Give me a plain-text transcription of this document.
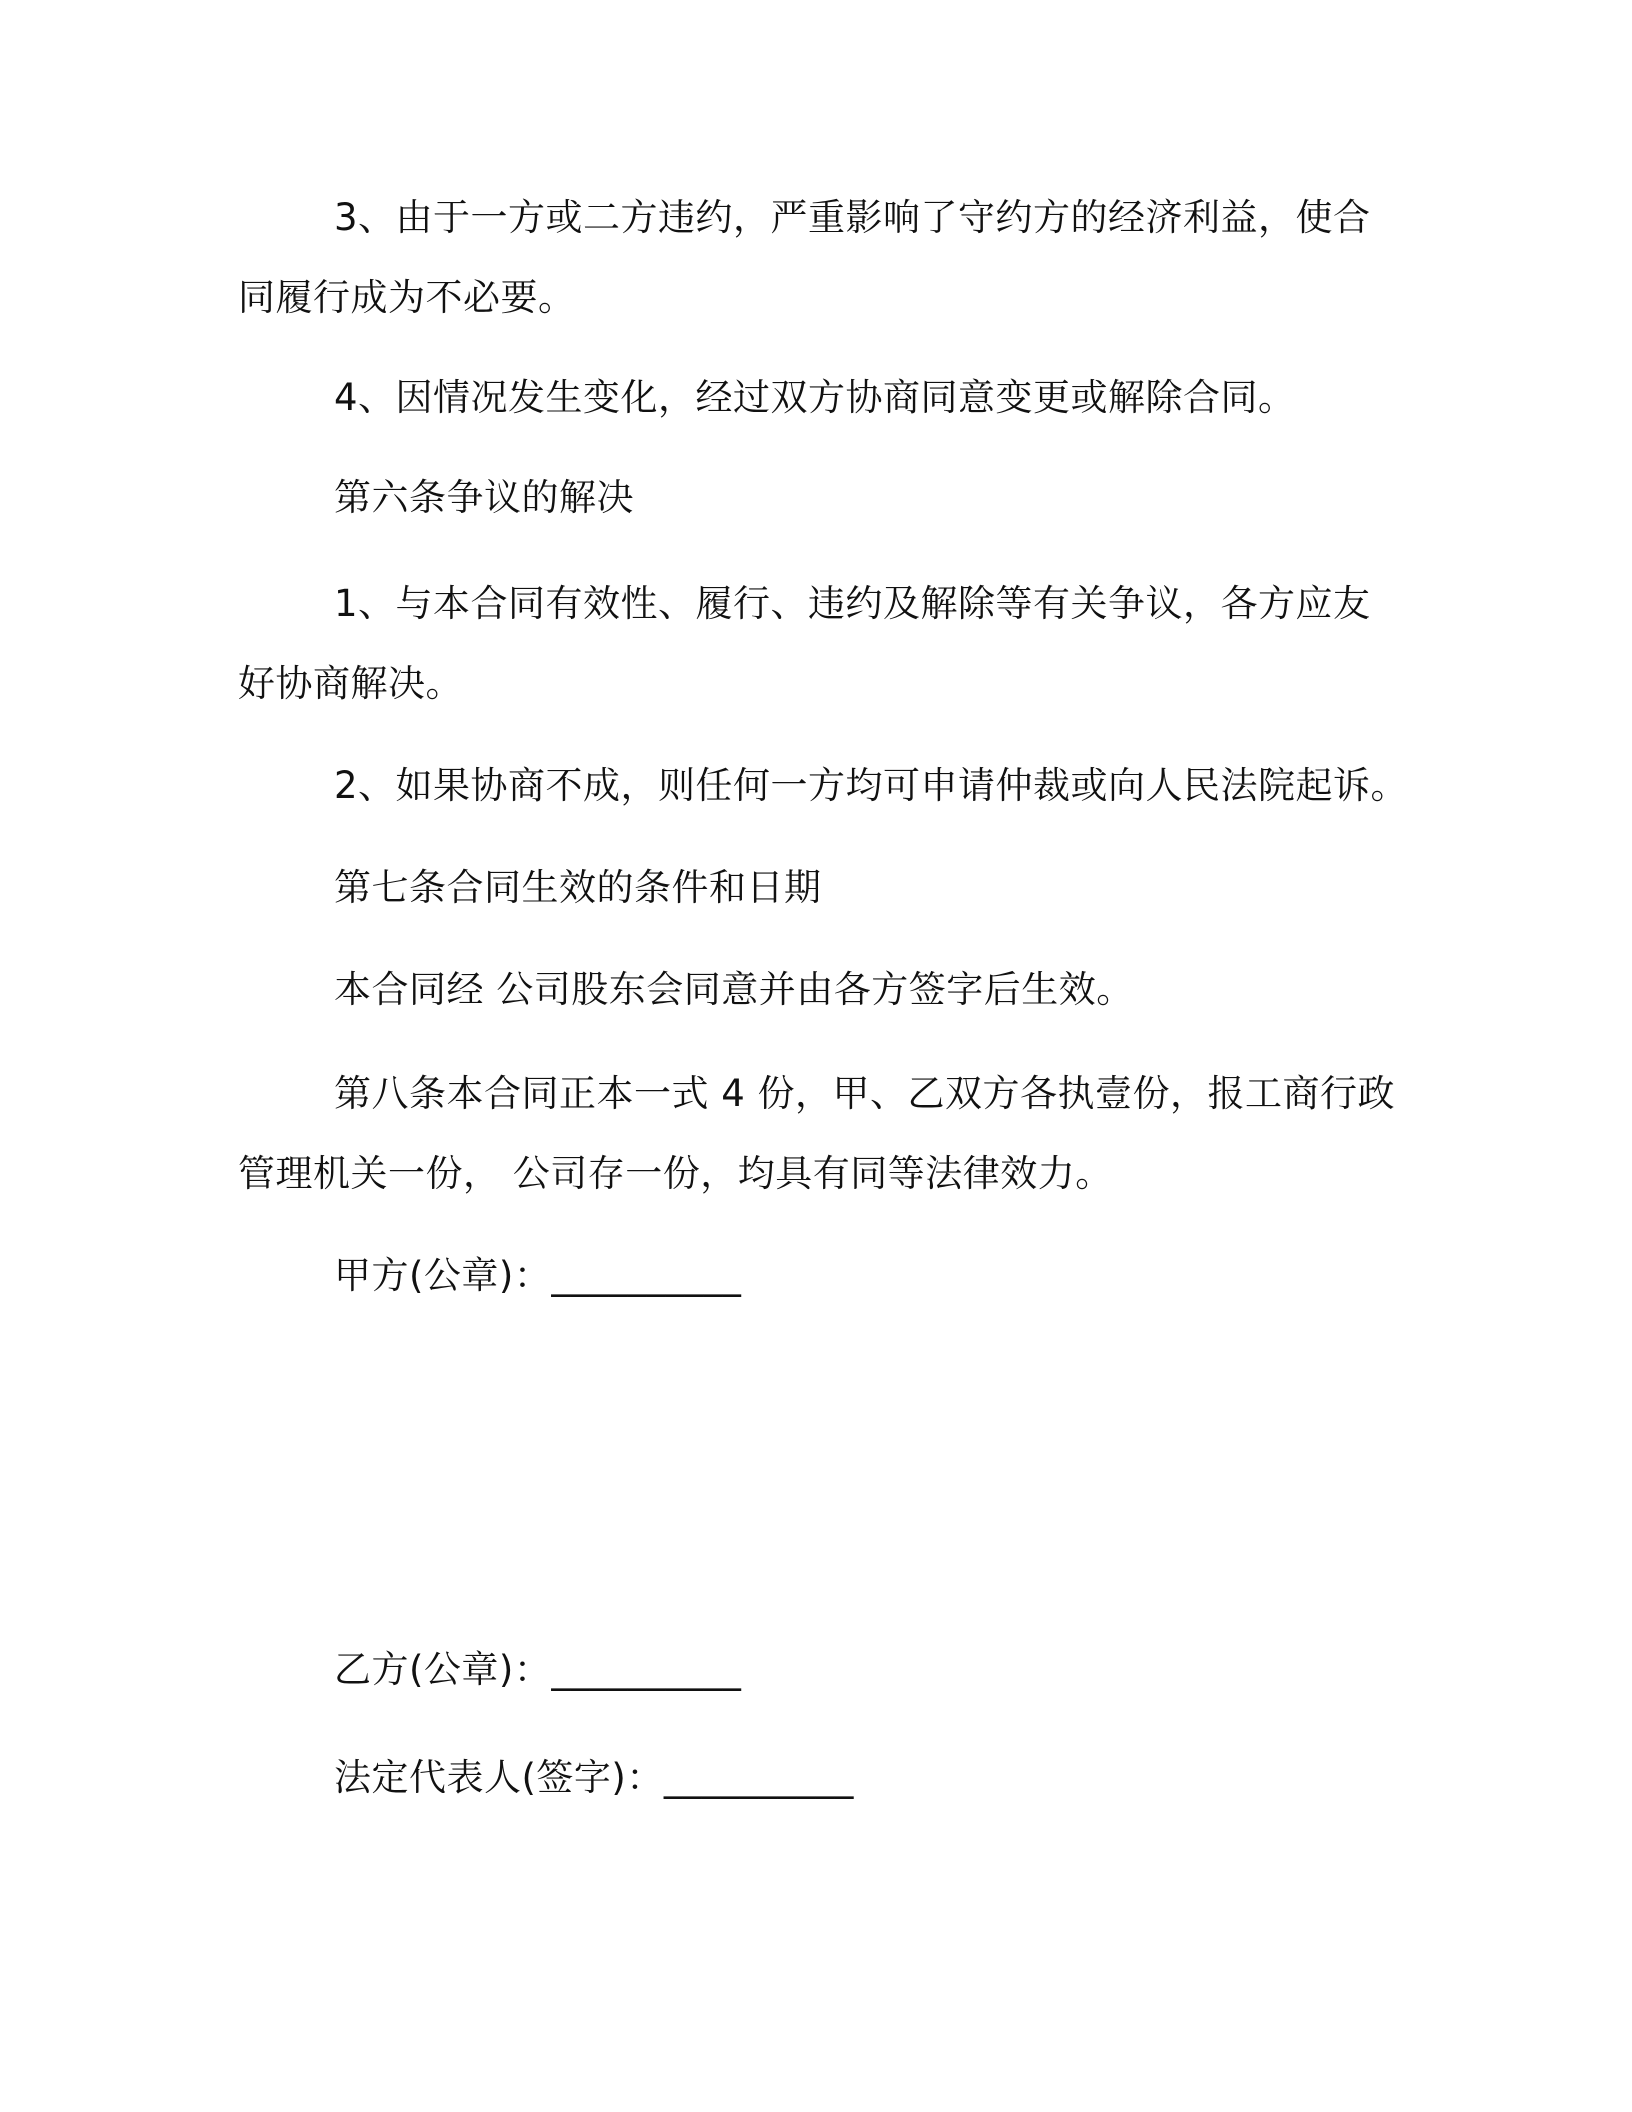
3、由于一方或二方违约，严重影响了守约方的经济利益，使合
同履行成为不必要。
4、因情况发生变化，经过双方协商同意变更或解除合同。
第六条争议的解决
1、与本合同有效性、履行、违约及解除等有关争议，各方应友
好协商解决。
2、如果协商不成，则任何一方均可申请仲裁或向人民法院起诉。
第七条合同生效的条件和日期
本合同经 公司股东会同意并由各方签字后生效。
第八条本合同正本一式 4 份，甲、乙双方各执壹份，报工商行政
管理机关一份， 公司存一份，均具有同等法律效力。
甲方(公章)：__________
乙方(公章)：__________
法定代表人(签字)：__________
